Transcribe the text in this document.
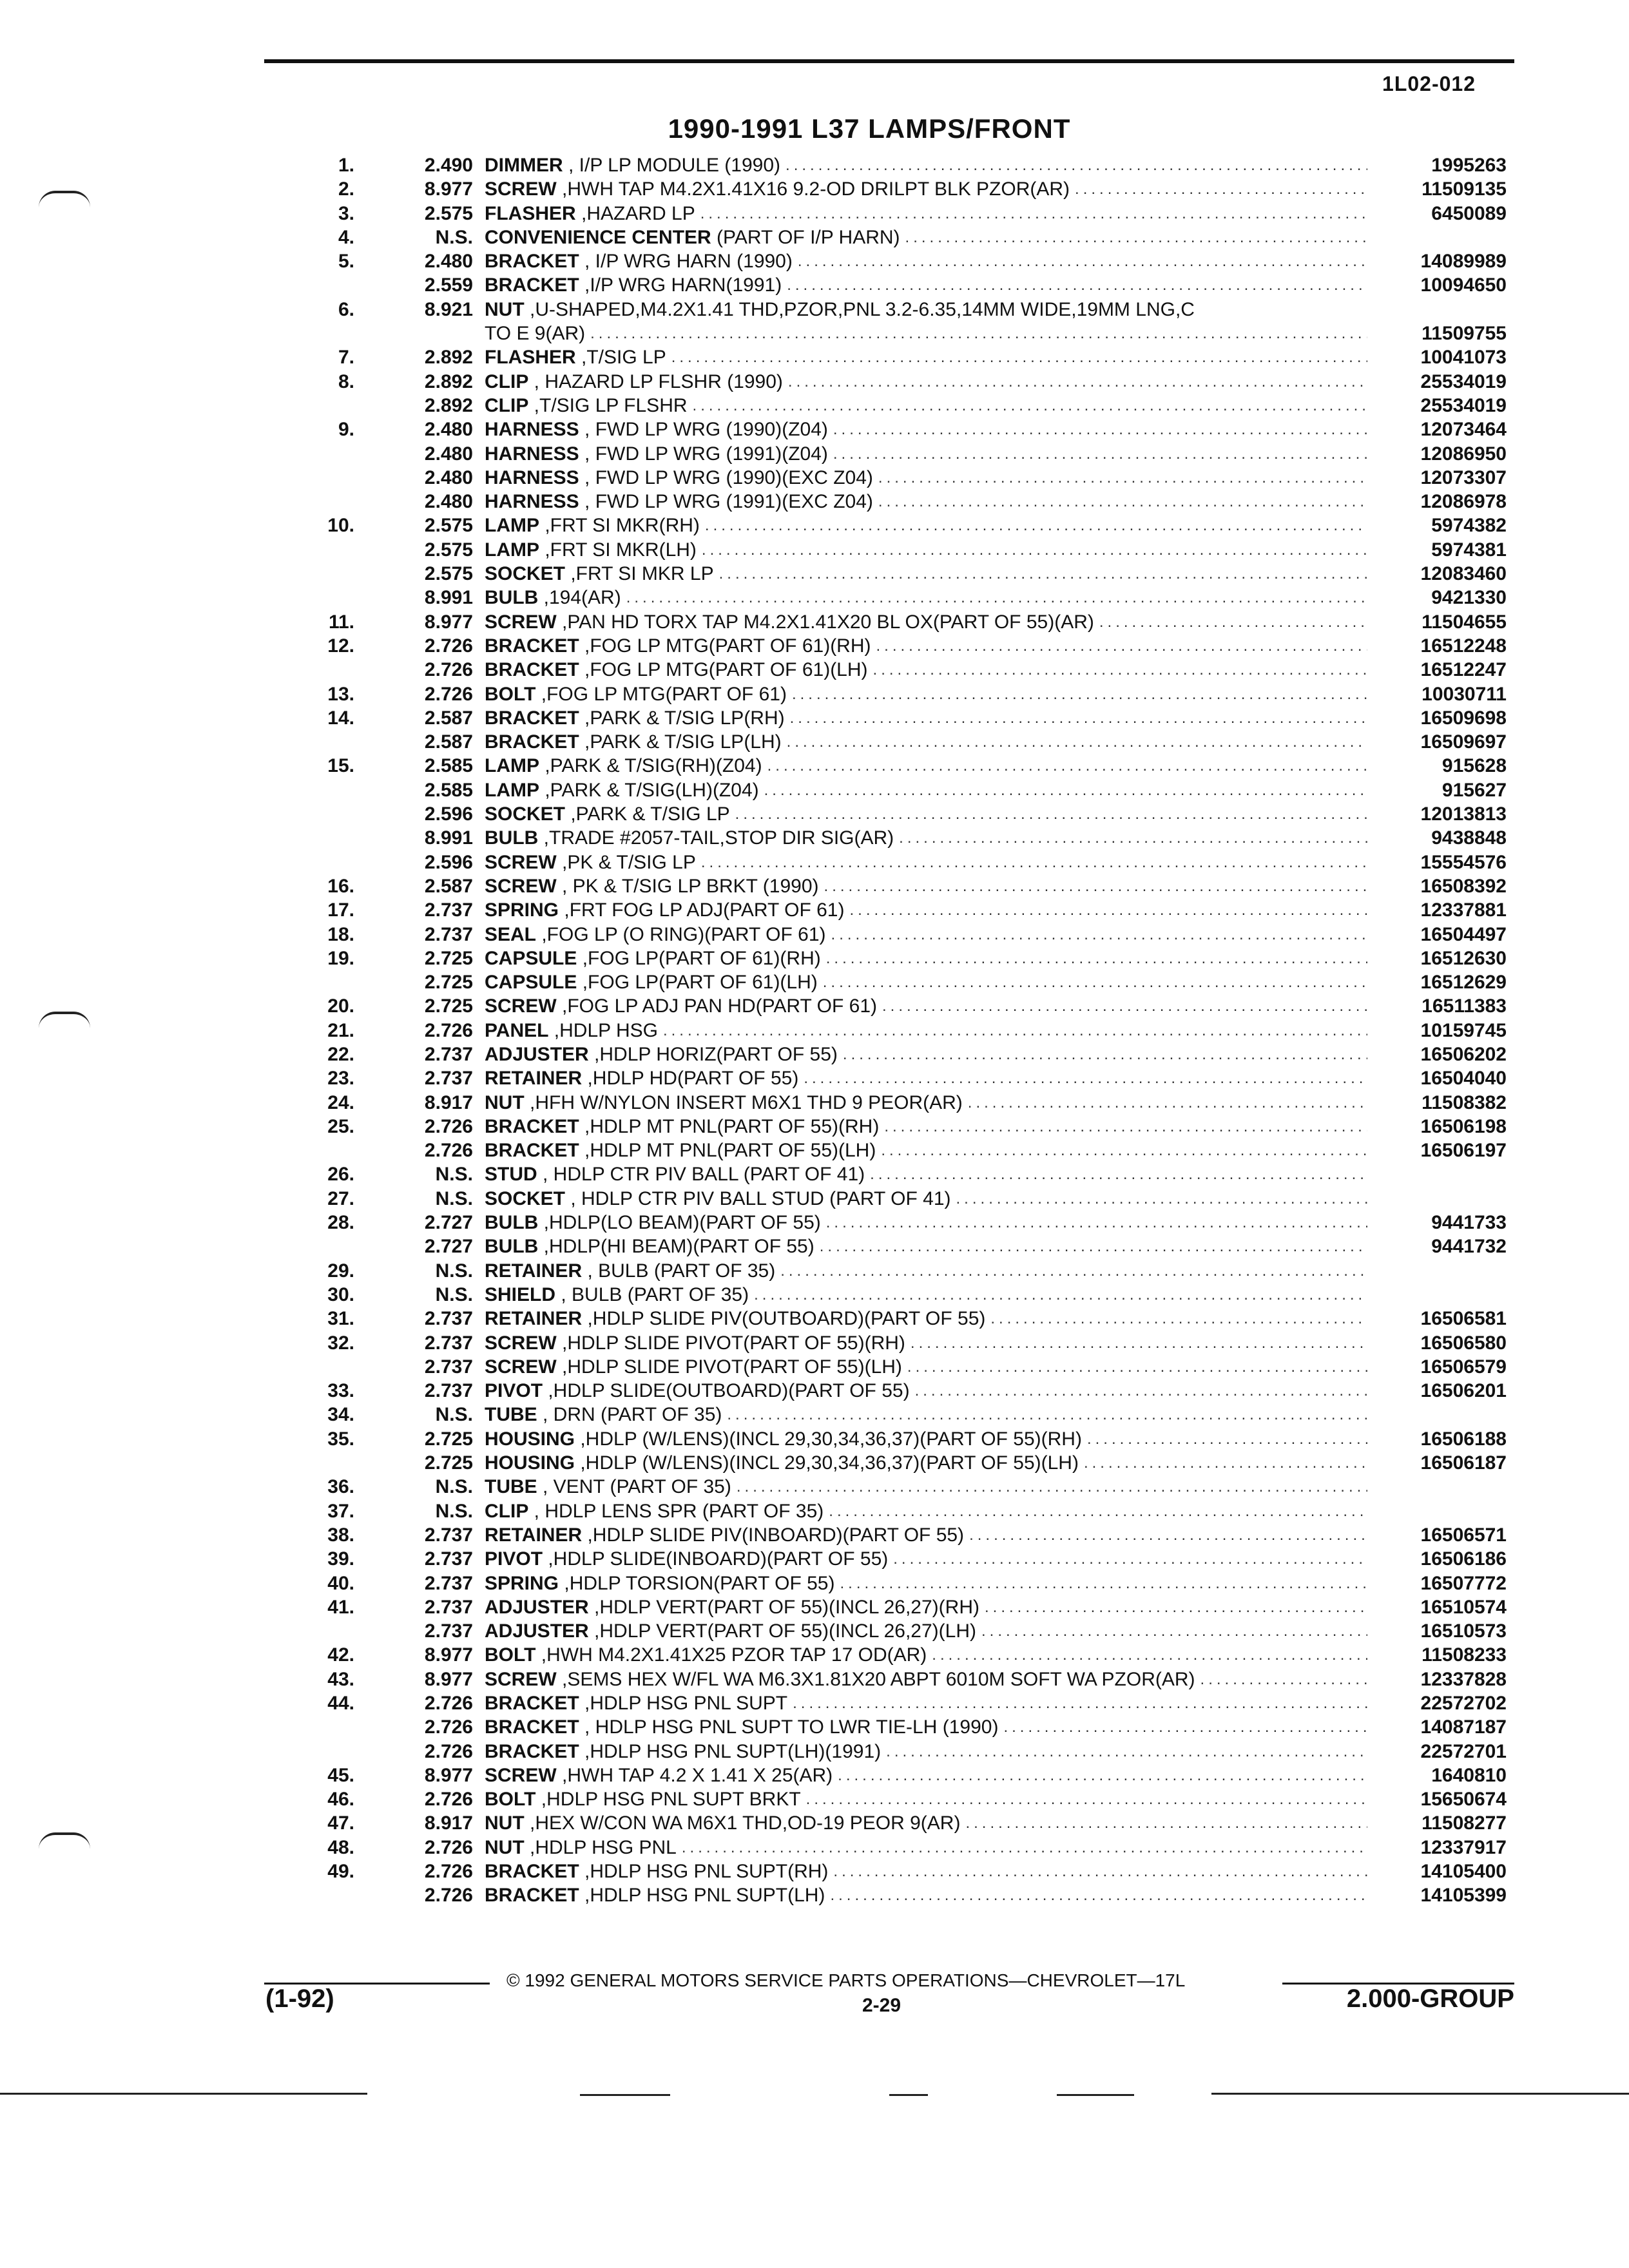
1L02-012
1990-1991 L37 LAMPS/FRONT
1.	2.490 DIMMER , I/P LP MODULE (1990) .....	1995263
2.	8.977 SCREW ,HWH TAP M4.2X1.41X16 9.2-OD DRILPT BLK PZOR(AR) .....	11509135
3.	2.575 FLASHER ,HAZARD LP .....	6450089
4.	N.S. CONVENIENCE CENTER (PART OF I/P HARN)
.....
5.	2.480 BRACKET , I/P WRG HARN (1990) .....	14089989
2.559 BRACKET ,I/P WRG HARN(1991) .....	10094650
6.	8.921 NUT ,U-SHAPED,M4.2X1.41 THD,PZOR,PNL 3.2-6.35,14MM WIDE,19MM LNG,C
TO E 9(AR) .....	11509755
7.	2.892 FLASHER ,T/SIG LP .....	10041073
8.	2.892 CLIP , HAZARD LP FLSHR (1990) .....	25534019
2.892 CLIP ,T/SIG LP FLSHR .....	25534019
9.	2.480 HARNESS , FWD LP WRG (1990)(Z04) .....	12073464
2.480 HARNESS , FWD LP WRG (1991)(Z04) .....	12086950
2.480 HARNESS , FWD LP WRG (1990)(EXC Z04) .....	12073307
2.480 HARNESS , FWD LP WRG (1991)(EXC Z04) .....	12086978
10.	2.575 LAMP ,FRT SI MKR(RH) .....	5974382
2.575 LAMP ,FRT SI MKR(LH) .....	5974381
2.575 SOCKET ,FRT SI MKR LP .....	12083460
8.991 BULB ,194(AR) .....	9421330
11.	8.977 SCREW ,PAN HD TORX TAP M4.2X1.41X20 BL OX(PART OF 55)(AR) .....	11504655
12.	2.726 BRACKET ,FOG LP MTG(PART OF 61)(RH) .....	16512248
2.726 BRACKET ,FOG LP MTG(PART OF 61)(LH) .....	16512247
13.	2.726 BOLT ,FOG LP MTG(PART OF 61) .....	10030711
14.	2.587 BRACKET ,PARK & T/SIG LP(RH) .....	16509698
2.587 BRACKET ,PARK & T/SIG LP(LH) .....	16509697
15.	2.585 LAMP ,PARK & T/SIG(RH)(Z04) .....	915628
2.585 LAMP ,PARK & T/SIG(LH)(Z04) .....	915627
2.596 SOCKET ,PARK & T/SIG LP .....	12013813
8.991 BULB ,TRADE #2057-TAIL,STOP DIR SIG(AR) .....	9438848
2.596 SCREW ,PK & T/SIG LP .....	15554576
16.	2.587 SCREW , PK & T/SIG LP BRKT (1990) .....	16508392
17.	2.737 SPRING ,FRT FOG LP ADJ(PART OF 61) .....	12337881
18.	2.737 SEAL ,FOG LP (O RING)(PART OF 61) .....	16504497
19.	2.725 CAPSULE ,FOG LP(PART OF 61)(RH) .....	16512630
2.725 CAPSULE ,FOG LP(PART OF 61)(LH) .....	16512629
20.	2.725 SCREW ,FOG LP ADJ PAN HD(PART OF 61) .....	16511383
21.	2.726 PANEL ,HDLP HSG .....	10159745
22.	2.737 ADJUSTER ,HDLP HORIZ(PART OF 55) .....	16506202
23.	2.737 RETAINER ,HDLP HD(PART OF 55) .....	16504040
24.	8.917 NUT ,HFH W/NYLON INSERT M6X1 THD 9 PEOR(AR) .....	11508382
25.	2.726 BRACKET ,HDLP MT PNL(PART OF 55)(RH) .....	16506198
2.726 BRACKET ,HDLP MT PNL(PART OF 55)(LH) .....	16506197
26.	N.S. STUD , HDLP CTR PIV BALL (PART OF 41)
.....
27.	N.S. SOCKET , HDLP CTR PIV BALL STUD (PART OF 41)
.....
28.	2.727 BULB ,HDLP(LO BEAM)(PART OF 55) .....	9441733
2.727 BULB ,HDLP(HI BEAM)(PART OF 55) .....	9441732
29.	N.S. RETAINER , BULB (PART OF 35)
.....
30.	N.S. SHIELD , BULB (PART OF 35)
.....
31.	2.737 RETAINER ,HDLP SLIDE PIV(OUTBOARD)(PART OF 55) .....	16506581
32.	2.737 SCREW ,HDLP SLIDE PIVOT(PART OF 55)(RH) .....	16506580
2.737 SCREW ,HDLP SLIDE PIVOT(PART OF 55)(LH) .....	16506579
33.	2.737 PIVOT ,HDLP SLIDE(OUTBOARD)(PART OF 55) .....	16506201
34.	N.S. TUBE , DRN (PART OF 35)
.....
35.	2.725 HOUSING ,HDLP (W/LENS)(INCL 29,30,34,36,37)(PART OF 55)(RH) .....	16506188
2.725 HOUSING ,HDLP (W/LENS)(INCL 29,30,34,36,37)(PART OF 55)(LH) .....	16506187
36.	N.S. TUBE , VENT (PART OF 35)
.....
37.	N.S. CLIP , HDLP LENS SPR (PART OF 35)
.....
38.	2.737 RETAINER ,HDLP SLIDE PIV(INBOARD)(PART OF 55) .....	16506571
39.	2.737 PIVOT ,HDLP SLIDE(INBOARD)(PART OF 55) .....	16506186
40.	2.737 SPRING ,HDLP TORSION(PART OF 55) .....	16507772
41.	2.737 ADJUSTER ,HDLP VERT(PART OF 55)(INCL 26,27)(RH) .....	16510574
2.737 ADJUSTER ,HDLP VERT(PART OF 55)(INCL 26,27)(LH) .....	16510573
42.	8.977 BOLT ,HWH M4.2X1.41X25 PZOR TAP 17 OD(AR) .....	11508233
43.	8.977 SCREW ,SEMS HEX W/FL WA M6.3X1.81X20 ABPT 6010M SOFT WA PZOR(AR) .....	12337828
44.	2.726 BRACKET ,HDLP HSG PNL SUPT .....	22572702
2.726 BRACKET , HDLP HSG PNL SUPT TO LWR TIE-LH (1990) .....	14087187
2.726 BRACKET ,HDLP HSG PNL SUPT(LH)(1991) .....	22572701
45.	8.977 SCREW ,HWH TAP 4.2 X 1.41 X 25(AR) .....	1640810
46.	2.726 BOLT ,HDLP HSG PNL SUPT BRKT .....	15650674
47.	8.917 NUT ,HEX W/CON WA M6X1 THD,OD-19 PEOR 9(AR) .....	11508277
48.	2.726 NUT ,HDLP HSG PNL .....	12337917
49.	2.726 BRACKET ,HDLP HSG PNL SUPT(RH) .....	14105400
2.726 BRACKET ,HDLP HSG PNL SUPT(LH) .....	14105399
© 1992 GENERAL MOTORS SERVICE PARTS OPERATIONS—CHEVROLET—17L
(1-92)	2-29	2.000-GROUP
